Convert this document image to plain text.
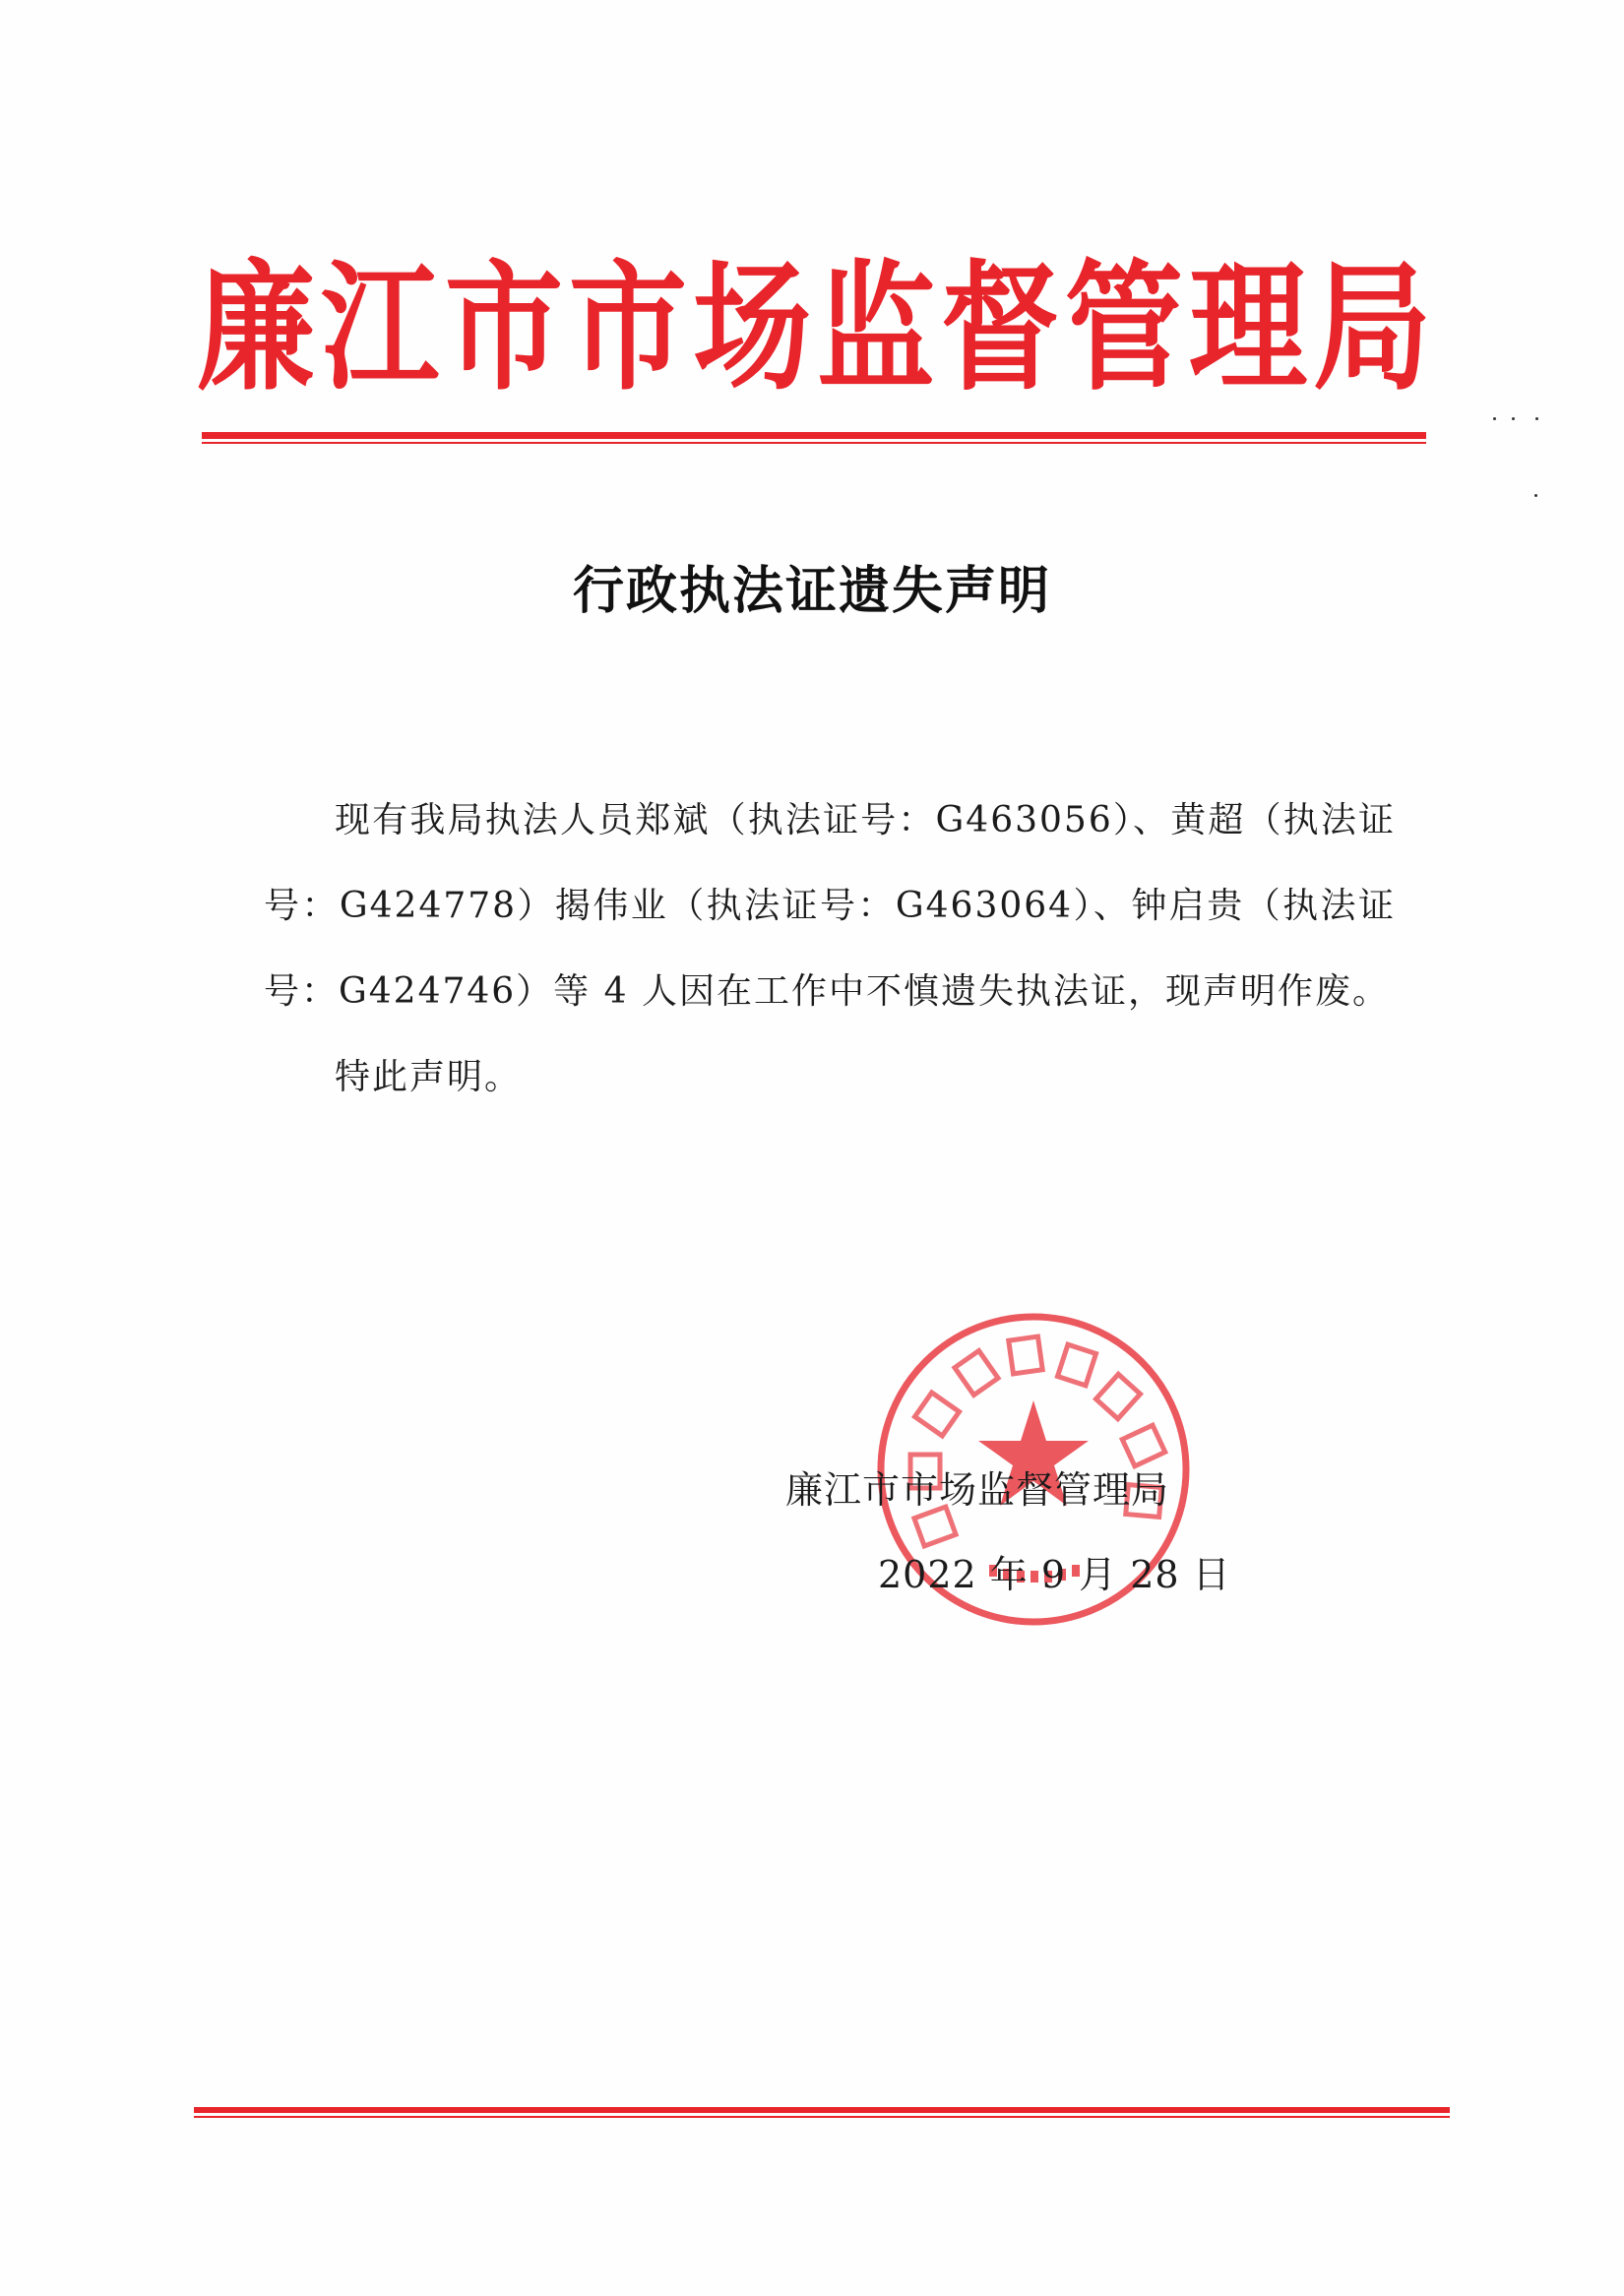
廉 江 市 市 场 监 督 管 理 局
行政执法证遗失声明

现有我局执法人员郑斌（执法证号：G463056）、黄超（执法证号：G424778）揭伟业（执法证号：G463064）、钟启贵（执法证号：G424746）等 4 人因在工作中不慎遗失执法证，现声明作废。

特此声明。

廉江市市场监督管理局
2022 年 9 月 28 日
